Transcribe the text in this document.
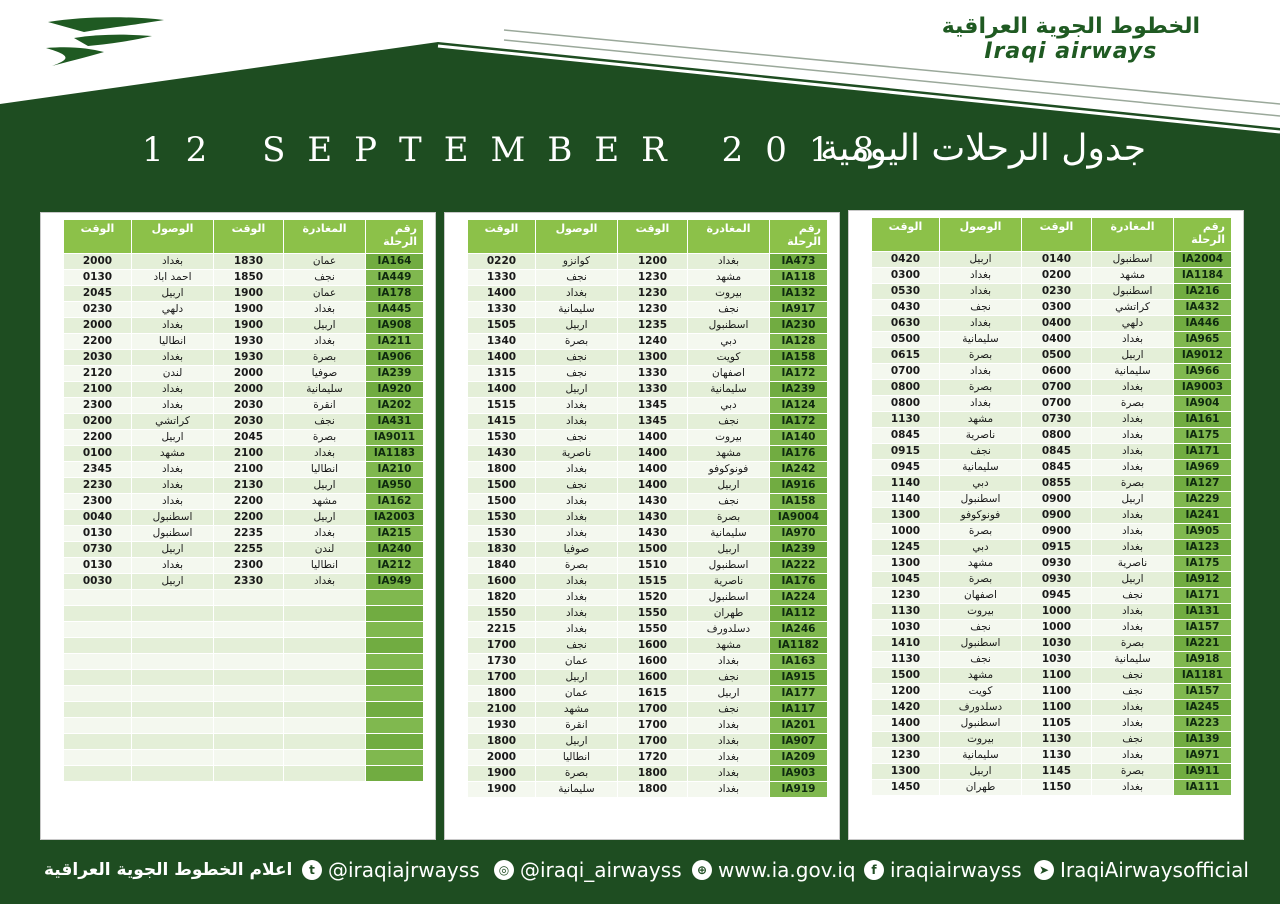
الخطوط الجوية العراقية
Iraqi airways
12 SEPTEMBER 2018
جدول الرحلات اليومية
الوقت	الوصول	الوقت	المغادرة	رقم الرحلة
2000	بغداد	1830	عمان	IA164
0130	احمد اباد	1850	نجف	IA449
2045	اربيل	1900	عمان	IA178
0230	دلهي	1900	بغداد	IA445
2000	بغداد	1900	اربيل	IA908
2200	انطاليا	1930	بغداد	IA211
2030	بغداد	1930	بصرة	IA906
2120	لندن	2000	صوفيا	IA239
2100	بغداد	2000	سليمانية	IA920
2300	بغداد	2030	انقرة	IA202
0200	كراتشي	2030	نجف	IA431
2200	اربيل	2045	بصرة	IA9011
0100	مشهد	2100	بغداد	IA1183
2345	بغداد	2100	انطاليا	IA210
2230	بغداد	2130	اربيل	IA950
2300	بغداد	2200	مشهد	IA162
0040	اسطنبول	2200	اربيل	IA2003
0130	اسطنبول	2235	بغداد	IA215
0730	اربيل	2255	لندن	IA240
0130	بغداد	2300	انطاليا	IA212
0030	اربيل	2330	بغداد	IA949

الوقت	الوصول	الوقت	المغادرة	رقم الرحلة
0220	كوانزو	1200	بغداد	IA473
1330	نجف	1230	مشهد	IA118
1400	بغداد	1230	بيروت	IA132
1330	سليمانية	1230	نجف	IA917
1505	اربيل	1235	اسطنبول	IA230
1340	بصرة	1240	دبي	IA128
1400	نجف	1300	كويت	IA158
1315	نجف	1330	اصفهان	IA172
1400	اربيل	1330	سليمانية	IA239
1515	بغداد	1345	دبي	IA124
1415	بغداد	1345	نجف	IA172
1530	نجف	1400	بيروت	IA140
1430	ناصرية	1400	مشهد	IA176
1800	بغداد	1400	فونوكوفو	IA242
1500	نجف	1400	اربيل	IA916
1500	بغداد	1430	نجف	IA158
1530	بغداد	1430	بصرة	IA9004
1530	بغداد	1430	سليمانية	IA970
1830	صوفيا	1500	اربيل	IA239
1840	بصرة	1510	اسطنبول	IA222
1600	بغداد	1515	ناصرية	IA176
1820	بغداد	1520	اسطنبول	IA224
1550	بغداد	1550	طهران	IA112
2215	بغداد	1550	دسلدورف	IA246
1700	نجف	1600	مشهد	IA1182
1730	عمان	1600	بغداد	IA163
1700	اربيل	1600	نجف	IA915
1800	عمان	1615	اربيل	IA177
2100	مشهد	1700	نجف	IA117
1930	انقرة	1700	بغداد	IA201
1800	اربيل	1700	بغداد	IA907
2000	انطاليا	1720	بغداد	IA209
1900	بصرة	1800	بغداد	IA903
1900	سليمانية	1800	بغداد	IA919
الوقت	الوصول	الوقت	المغادرة	رقم الرحلة
0420	اربيل	0140	اسطنبول	IA2004
0300	بغداد	0200	مشهد	IA1184
0530	بغداد	0230	اسطنبول	IA216
0430	نجف	0300	كراتشي	IA432
0630	بغداد	0400	دلهي	IA446
0500	سليمانية	0400	بغداد	IA965
0615	بصرة	0500	اربيل	IA9012
0700	بغداد	0600	سليمانية	IA966
0800	بصرة	0700	بغداد	IA9003
0800	بغداد	0700	بصرة	IA904
1130	مشهد	0730	بغداد	IA161
0845	ناصرية	0800	بغداد	IA175
0915	نجف	0845	بغداد	IA171
0945	سليمانية	0845	بغداد	IA969
1140	دبي	0855	بصرة	IA127
1140	اسطنبول	0900	اربيل	IA229
1300	فونوكوفو	0900	بغداد	IA241
1000	بصرة	0900	بغداد	IA905
1245	دبي	0915	بغداد	IA123
1300	مشهد	0930	ناصرية	IA175
1045	بصرة	0930	اربيل	IA912
1230	اصفهان	0945	نجف	IA171
1130	بيروت	1000	بغداد	IA131
1030	نجف	1000	بغداد	IA157
1410	اسطنبول	1030	بصرة	IA221
1130	نجف	1030	سليمانية	IA918
1500	مشهد	1100	نجف	IA1181
1200	كويت	1100	نجف	IA157
1420	دسلدورف	1100	بغداد	IA245
1400	اسطنبول	1105	بغداد	IA223
1300	بيروت	1130	نجف	IA139
1230	سليمانية	1130	بغداد	IA971
1300	اربيل	1145	بصرة	IA911
1450	طهران	1150	بغداد	IA111
اعلام الخطوط الجوية العراقية	t @iraqiajrwayss	◎ @iraqi_airwayss	⊕ www.ia.gov.iq	f iraqiairwayss	➤ IraqiAirwaysofficial
